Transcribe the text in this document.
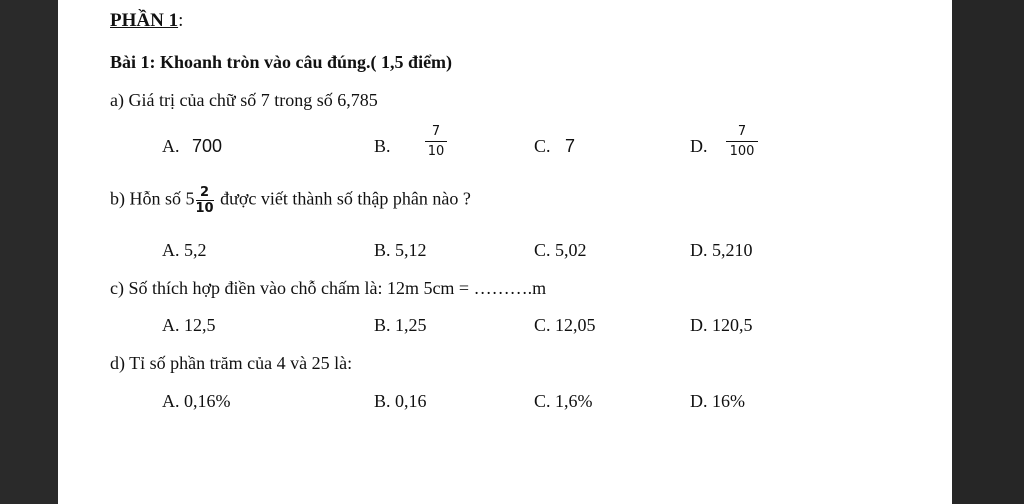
PHẦN 1:
Bài 1: Khoanh tròn vào câu đúng.( 1,5 điểm)
a) Giá trị của chữ số 7 trong số 6,785
A. 700	B.
7
10	C. 7	D.
7
100
b) Hỗn số $5 \frac{2}{10}$ được viết thành số thập phân nào ?
A. 5,2	B. 5,12	C. 5,02	D. 5,210
c) Số thích hợp điền vào chỗ chấm là: 12m 5cm = ……….m
A. 12,5	B. 1,25	C. 12,05	D. 120,5
d) Tỉ số phần trăm của 4 và 25 là:
A. 0,16%	B. 0,16	C. 1,6%	D. 16%
